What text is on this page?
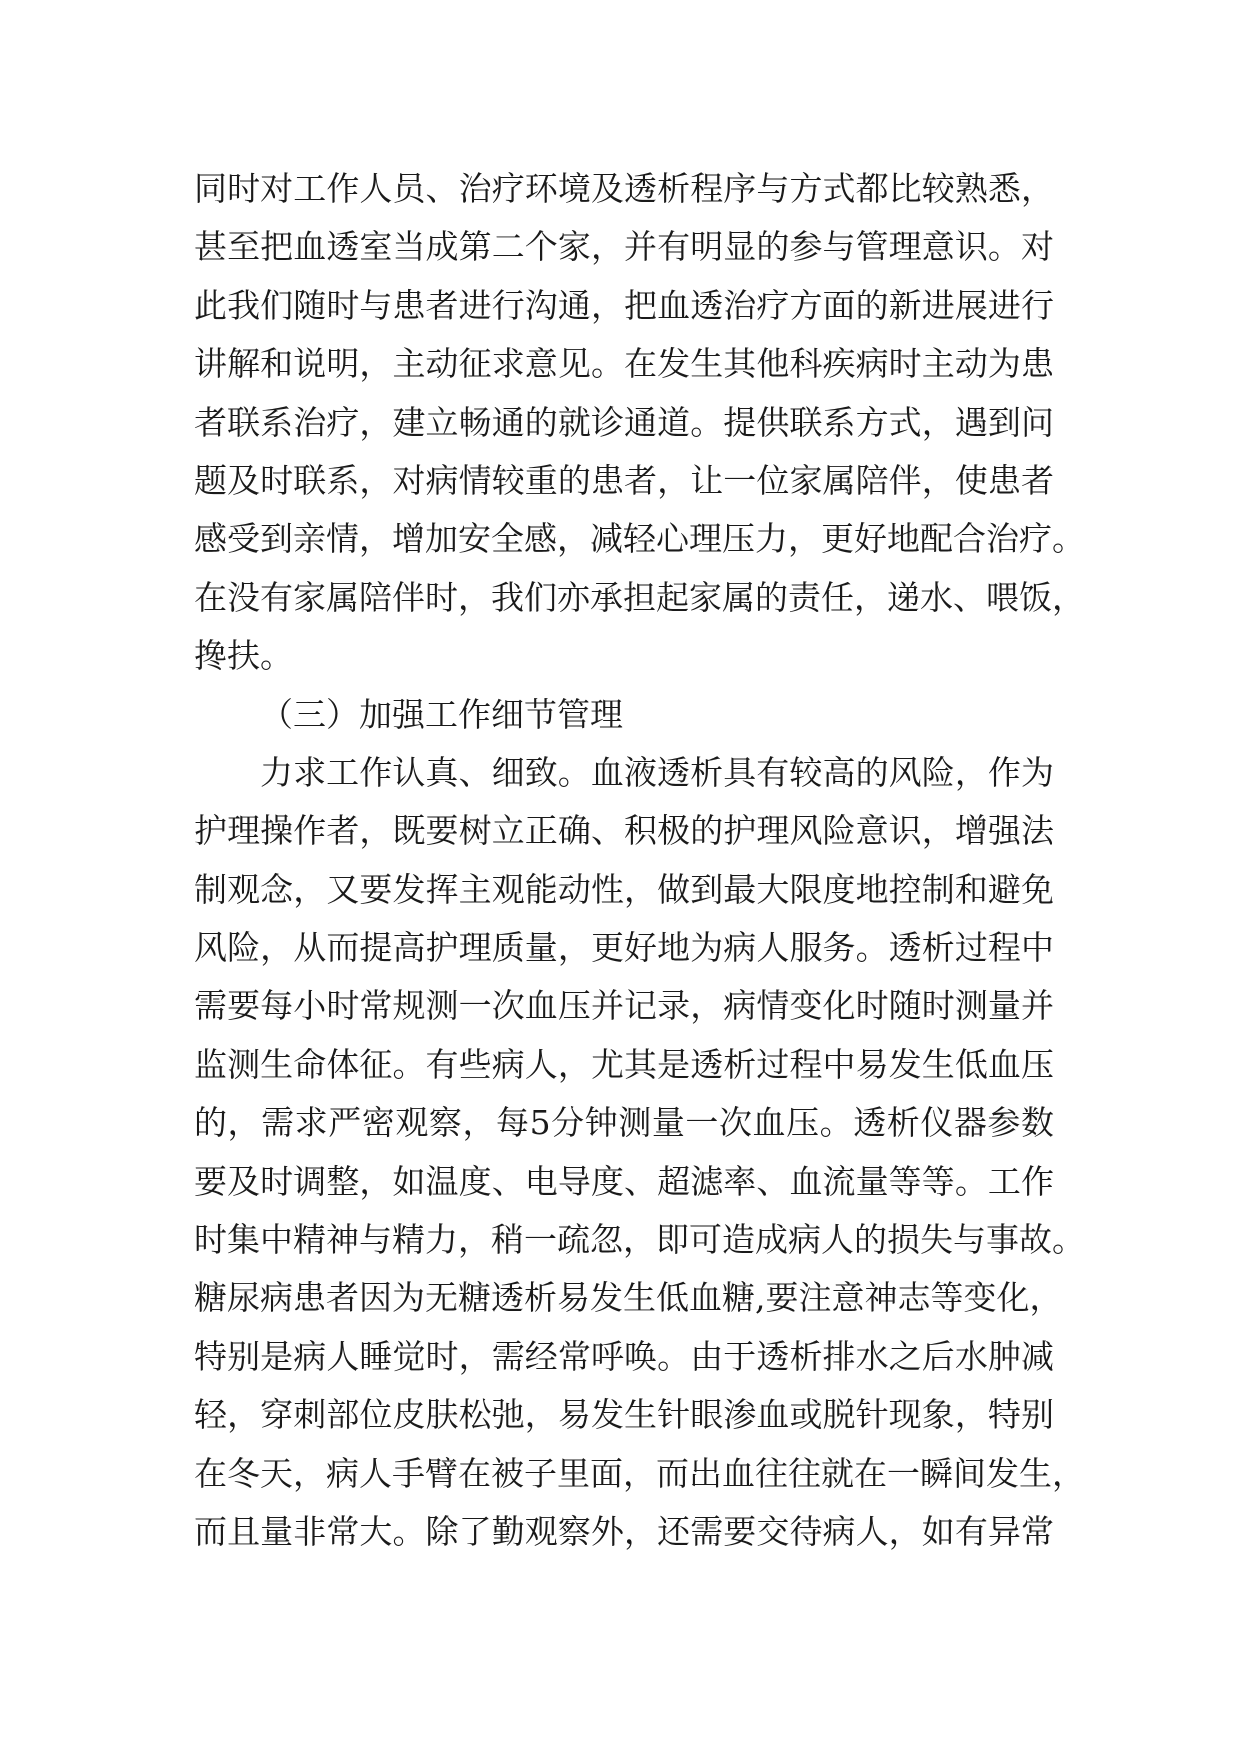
同时对工作人员、治疗环境及透析程序与方式都比较熟悉，
甚至把血透室当成第二个家，并有明显的参与管理意识。对
此我们随时与患者进行沟通，把血透治疗方面的新进展进行
讲解和说明，主动征求意见。在发生其他科疾病时主动为患
者联系治疗，建立畅通的就诊通道。提供联系方式，遇到问
题及时联系，对病情较重的患者，让一位家属陪伴，使患者
感受到亲情，增加安全感，减轻心理压力，更好地配合治疗。
在没有家属陪伴时，我们亦承担起家属的责任，递水、喂饭，
搀扶。
（三）加强工作细节管理
力求工作认真、细致。血液透析具有较高的风险，作为
护理操作者，既要树立正确、积极的护理风险意识，增强法
制观念，又要发挥主观能动性，做到最大限度地控制和避免
风险，从而提高护理质量，更好地为病人服务。透析过程中
需要每小时常规测一次血压并记录，病情变化时随时测量并
监测生命体征。有些病人，尤其是透析过程中易发生低血压
的，需求严密观察，每5分钟测量一次血压。透析仪器参数
要及时调整，如温度、电导度、超滤率、血流量等等。工作
时集中精神与精力，稍一疏忽，即可造成病人的损失与事故。
糖尿病患者因为无糖透析易发生低血糖,要注意神志等变化，
特别是病人睡觉时，需经常呼唤。由于透析排水之后水肿减
轻，穿刺部位皮肤松弛，易发生针眼渗血或脱针现象，特别
在冬天，病人手臂在被子里面，而出血往往就在一瞬间发生，
而且量非常大。除了勤观察外，还需要交待病人，如有异常
